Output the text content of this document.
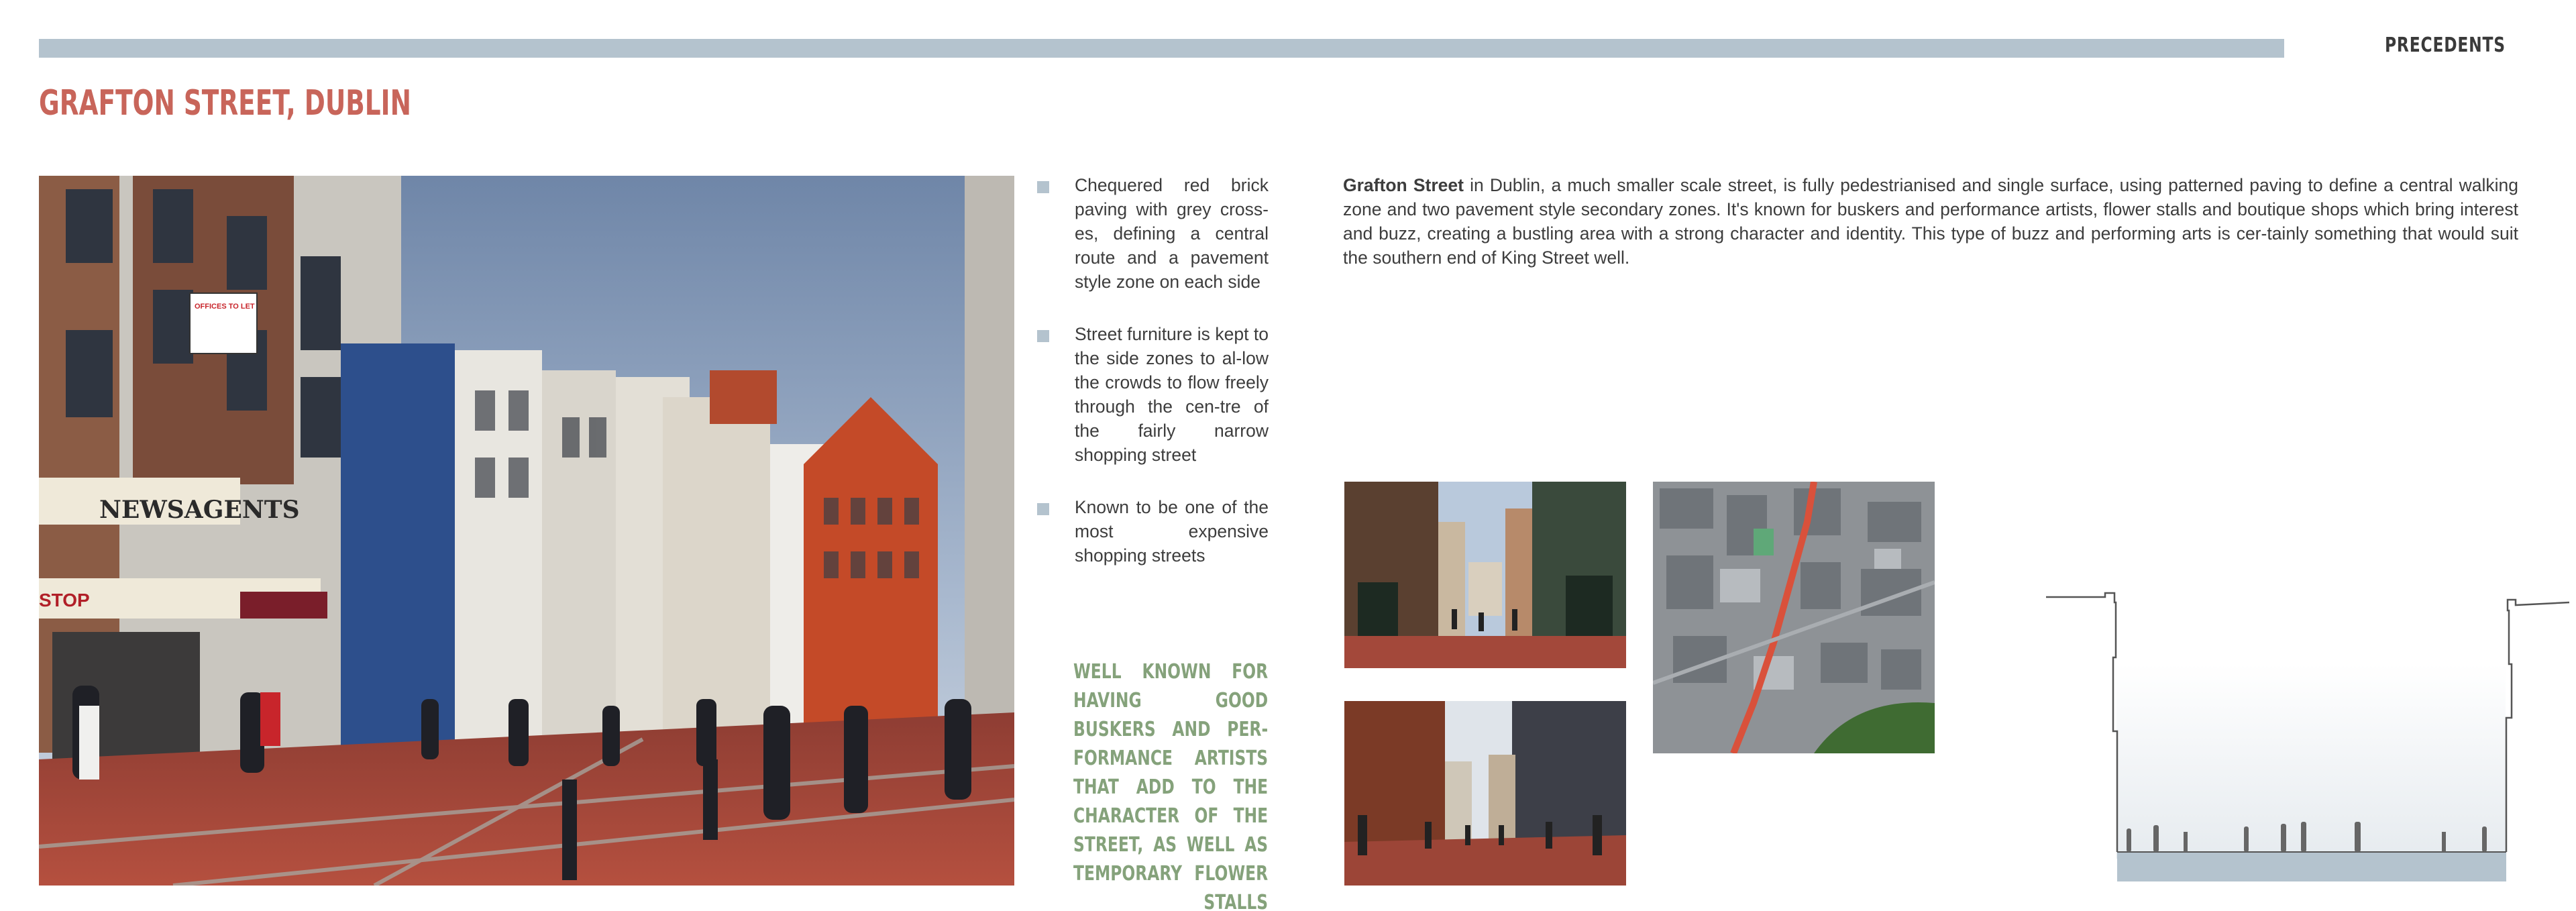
PRECEDENTS
GRAFTON STREET, DUBLIN
NEWSAGENTS
STOP
OFFICES TO LET
Chequered red brick paving with grey cross-es, defining a central route and a pavement style zone on each side
Street furniture is kept to the side zones to al-low the crowds to flow freely through the cen-tre of the fairly narrow shopping street
Known to be one of the most expensive shopping streets
WELL KNOWN FOR HAVING GOOD BUSKERS AND PER-FORMANCE ARTISTS THAT ADD TO THE CHARACTER OF THE STREET, AS WELL AS TEMPORARY FLOWER STALLS

Grafton Street in Dublin, a much smaller scale street, is fully pedestrianised and single surface, using patterned paving to define a central walking zone and two pavement style secondary zones. It's known for buskers and performance artists, flower stalls and boutique shops which bring interest and buzz, creating a bustling area with a strong character and identity. This type of buzz and performing arts is cer-tainly something that would suit the southern end of King Street well.
